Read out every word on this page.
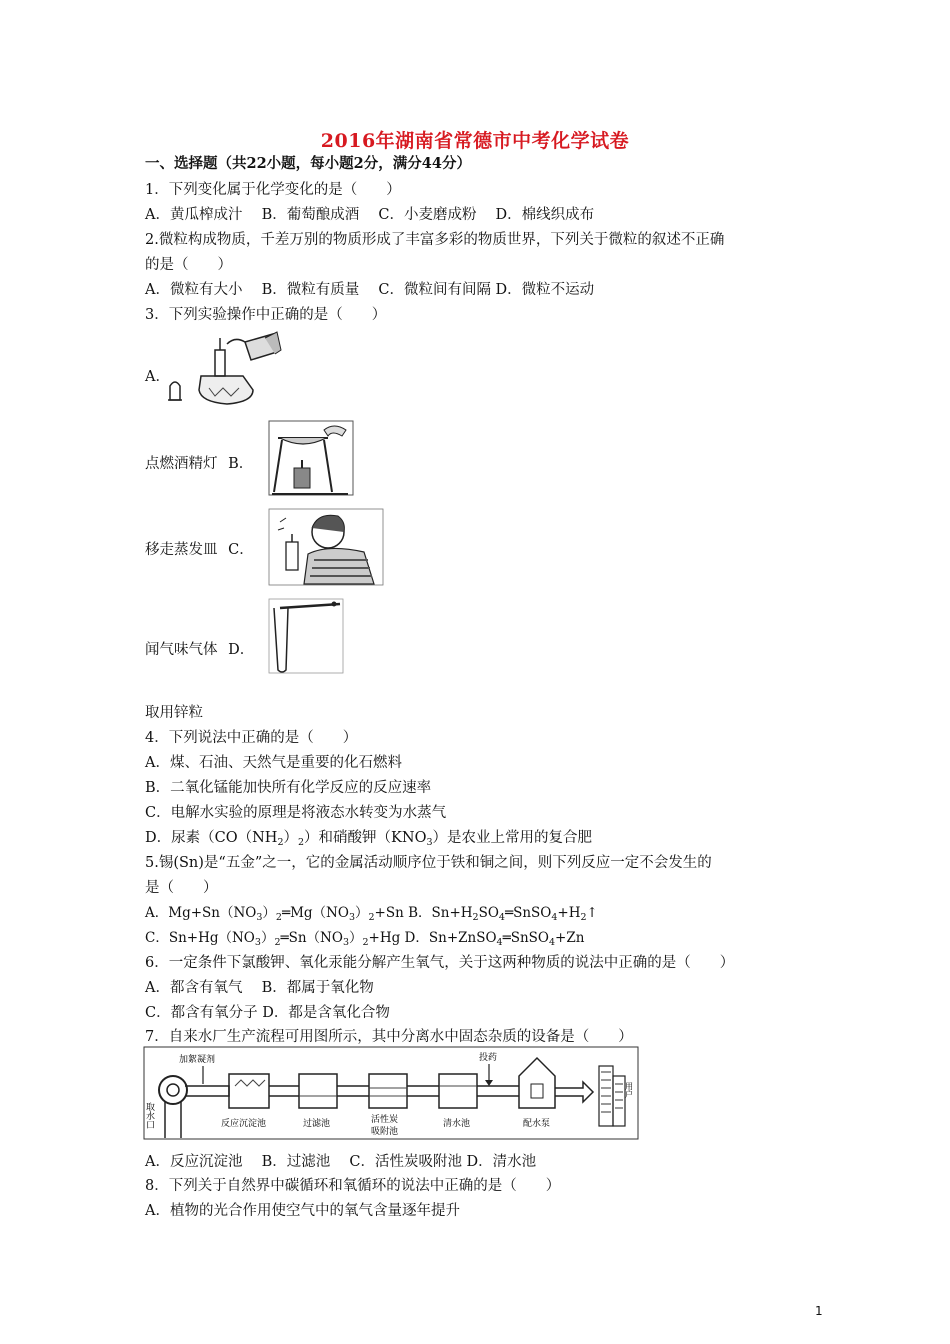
2016年湖南省常德市中考化学试卷
一、选择题（共22小题，每小题2分，满分44分）
1．下列变化属于化学变化的是（　　）
A．黄瓜榨成汁　 B．葡萄酿成酒　 C．小麦磨成粉　 D．棉线织成布
2.微粒构成物质，千差万别的物质形成了丰富多彩的物质世界，下列关于微粒的叙述不正确
的是（　　）
A．微粒有大小　 B．微粒有质量　 C．微粒间有间隔 D．微粒不运动
3．下列实验操作中正确的是（　　）
A．
点燃酒精灯 B．
移走蒸发皿 C．
闻气味气体 D．
取用锌粒
4．下列说法中正确的是（　　）
A．煤、石油、天然气是重要的化石燃料
B．二氧化锰能加快所有化学反应的反应速率
C．电解水实验的原理是将液态水转变为水蒸气
D．尿素$(CO(NH_2)_2)$和硝酸钾$(KNO_3)$是农业上常用的复合肥
5.锡(Sn)是“五金”之一，它的金属活动顺序位于铁和铜之间，则下列反应一定不会发生的
是（　　）
A．$Mg+Sn(NO_3)_2═Mg(NO_3)_2+Sn$ B．$Sn+H_2SO_4═SnSO_4+H_2↑$
C．$Sn+Hg(NO_3)_2═Sn(NO_3)_2+Hg$ D．Sn+ZnSO$_4$═SnSO$_4$+Zn
6．一定条件下氯酸钾、氧化汞能分解产生氧气，关于这两种物质的说法中正确的是（　　）
A．都含有氧气　 B．都属于氧化物
C．都含有氧分子 D．都是含氧化合物
7．自来水厂生产流程可用图所示，其中分离水中固态杂质的设备是（　　）
取水口
加絮凝剂
反应沉淀池	过滤池	活性炭
吸附池
清水池
投药
配水泵
用户
A．反应沉淀池　 B．过滤池　 C．活性炭吸附池 D．清水池
8．下列关于自然界中碳循环和氧循环的说法中正确的是（　　）
A．植物的光合作用使空气中的氧气含量逐年提升
1
